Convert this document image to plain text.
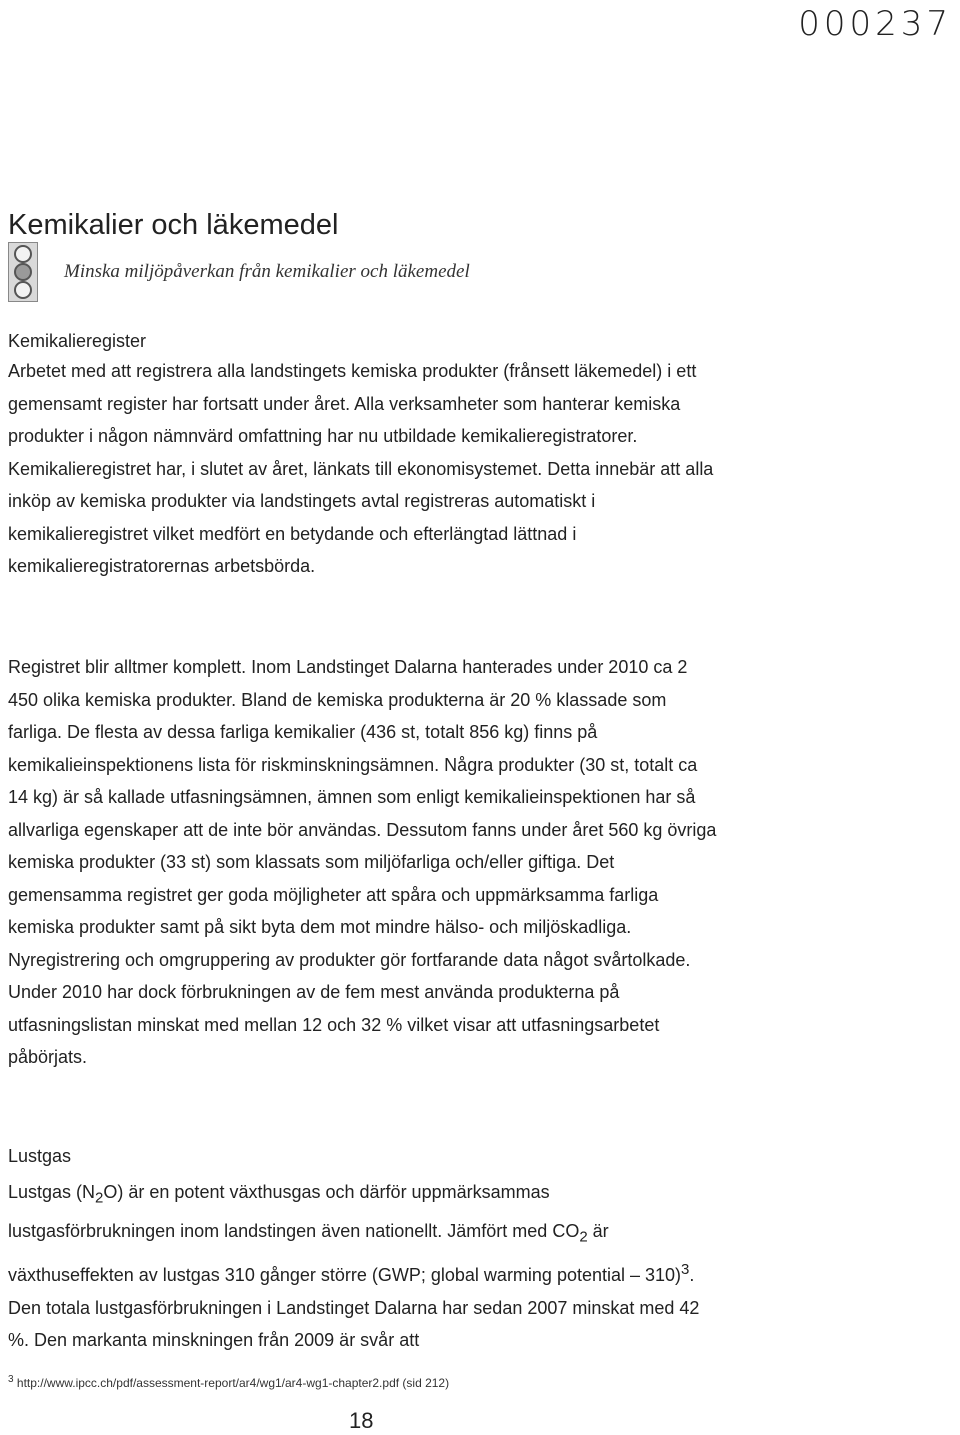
000237
Kemikalier och läkemedel
Minska miljöpåverkan från kemikalier och läkemedel
Kemikalieregister

Arbetet med att registrera alla landstingets kemiska produkter (frånsett läkemedel) i ett gemensamt register har fortsatt under året. Alla verksamheter som hanterar kemiska produkter i någon nämnvärd omfattning har nu utbildade kemikalieregistratorer. Kemikalieregistret har, i slutet av året, länkats till ekonomisystemet. Detta innebär att alla inköp av kemiska produkter via landstingets avtal registreras automatiskt i kemikalieregistret vilket medfört en betydande och efterlängtad lättnad i kemikalieregistratorernas arbetsbörda.

Registret blir alltmer komplett. Inom Landstinget Dalarna hanterades under 2010 ca 2 450 olika kemiska produkter. Bland de kemiska produkterna är 20 % klassade som farliga. De flesta av dessa farliga kemikalier (436 st, totalt 856 kg) finns på kemikalieinspektionens lista för riskminskningsämnen. Några produkter (30 st, totalt ca 14 kg) är så kallade utfasningsämnen, ämnen som enligt kemikalieinspektionen har så allvarliga egenskaper att de inte bör användas. Dessutom fanns under året 560 kg övriga kemiska produkter (33 st) som klassats som miljöfarliga och/eller giftiga. Det gemensamma registret ger goda möjligheter att spåra och uppmärksamma farliga kemiska produkter samt på sikt byta dem mot mindre hälso- och miljöskadliga. Nyregistrering och omgruppering av produkter gör fortfarande data något svårtolkade. Under 2010 har dock förbrukningen av de fem mest använda produkterna på utfasningslistan minskat med mellan 12 och 32 % vilket visar att utfasningsarbetet påbörjats.

Lustgas

Lustgas $(N_2O)$ är en potent växthusgas och därför uppmärksammas lustgasförbrukningen inom landstingen även nationellt. Jämfört med $CO_2$ är växthuseffekten av lustgas 310 gånger större (GWP; global warming potential – 310)$^3$. Den totala lustgasförbrukningen i Landstinget Dalarna har sedan 2007 minskat med 42 %. Den markanta minskningen från 2009 är svår att

$^3$ http://www.ipcc.ch/pdf/assessment-report/ar4/wg1/ar4-wg1-chapter2.pdf (sid 212)
18
